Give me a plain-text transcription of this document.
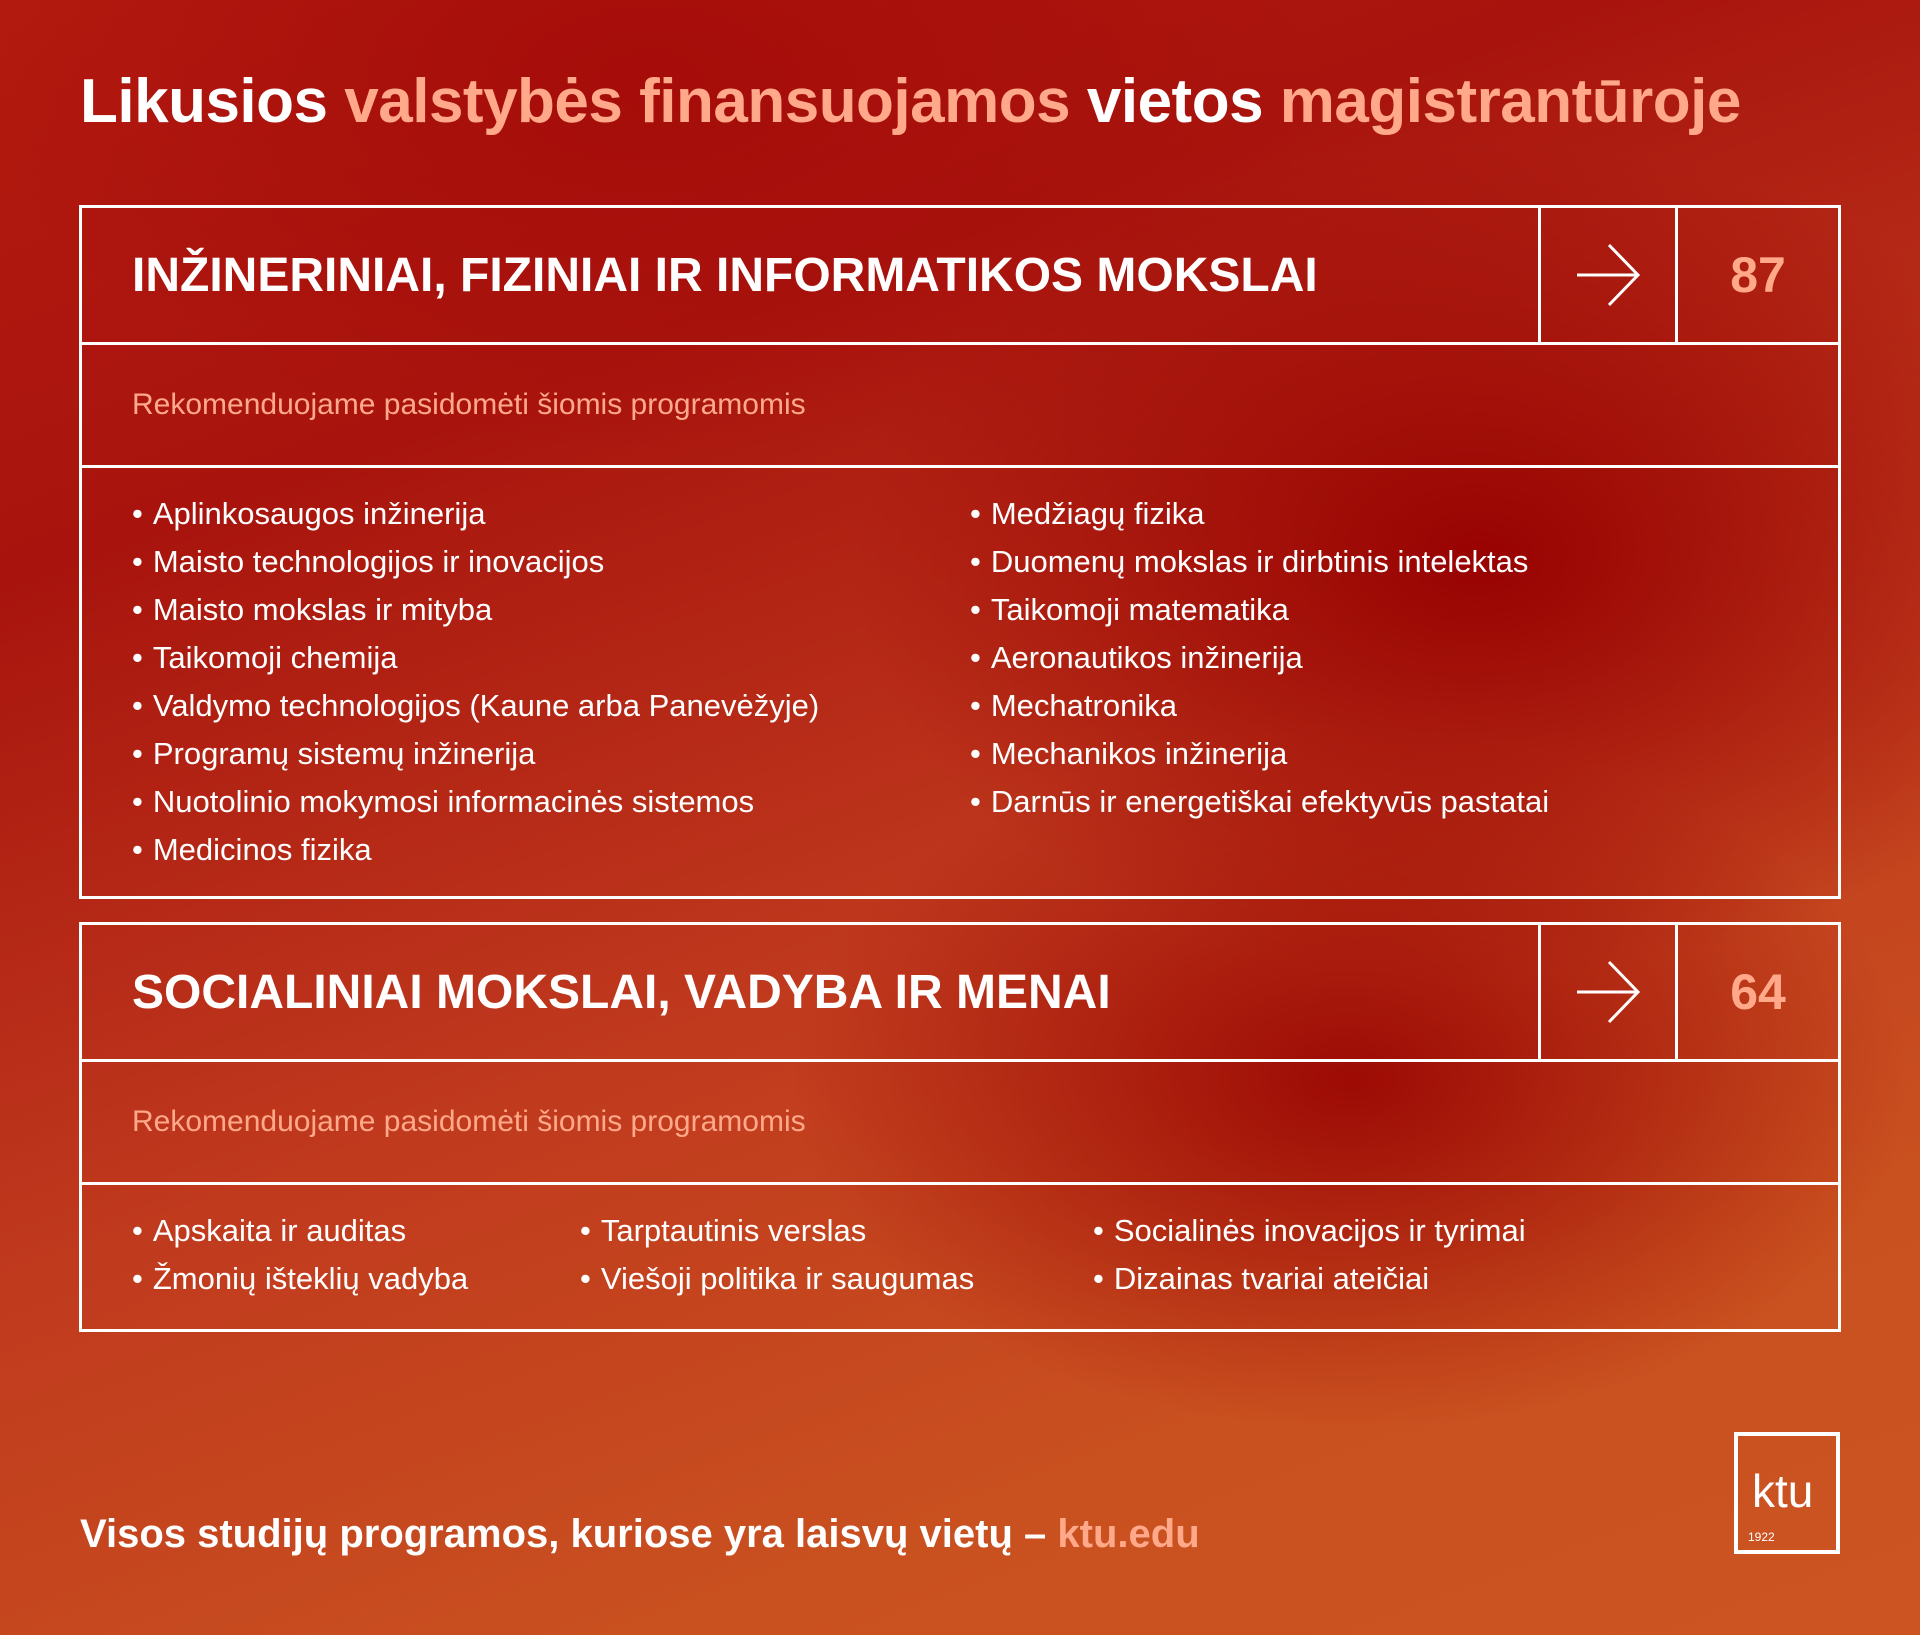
Likusios valstybės finansuojamos vietos magistrantūroje
INŽINERINIAI, FIZINIAI IR INFORMATIKOS MOKSLAI	87
Rekomenduojame pasidomėti šiomis programomis
• Aplinkosaugos inžinerija
• Maisto technologijos ir inovacijos
• Maisto mokslas ir mityba
• Taikomoji chemija
• Valdymo technologijos (Kaune arba Panevėžyje)
• Programų sistemų inžinerija
• Nuotolinio mokymosi informacinės sistemos
• Medicinos fizika
• Medžiagų fizika
• Duomenų mokslas ir dirbtinis intelektas
• Taikomoji matematika
• Aeronautikos inžinerija
• Mechatronika
• Mechanikos inžinerija
• Darnūs ir energetiškai efektyvūs pastatai
SOCIALINIAI MOKSLAI, VADYBA IR MENAI	64
Rekomenduojame pasidomėti šiomis programomis
• Apskaita ir auditas
• Žmonių išteklių vadyba
• Tarptautinis verslas
• Viešoji politika ir saugumas
• Socialinės inovacijos ir tyrimai
• Dizainas tvariai ateičiai
Visos studijų programos, kuriose yra laisvų vietų – ktu.edu
ktu
1922
